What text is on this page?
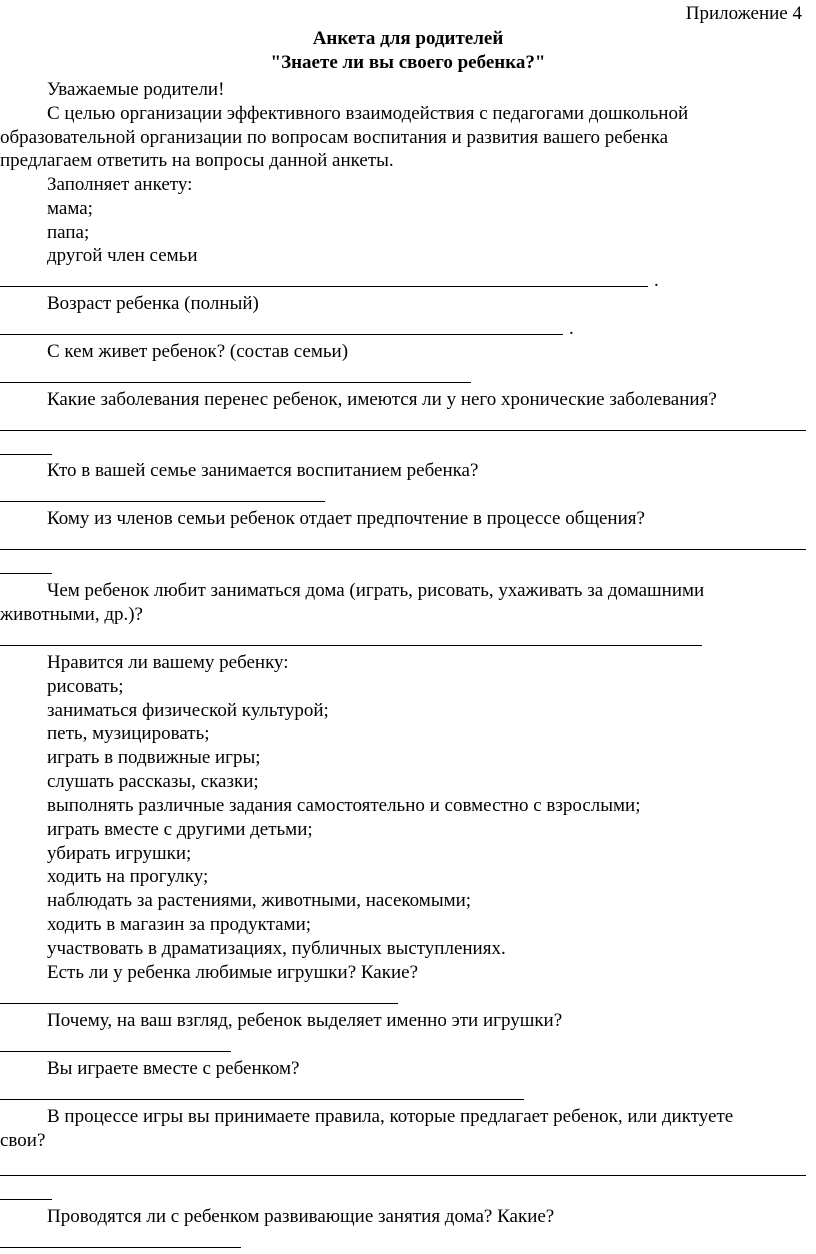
Приложение 4
Анкета для родителей
"Знаете ли вы своего ребенка?"
Уважаемые родители!
С целью организации эффективного взаимодействия с педагогами дошкольной
образовательной организации по вопросам воспитания и развития вашего ребенка
предлагаем ответить на вопросы данной анкеты.
Заполняет анкету:
мама;
папа;
другой член семьи
.
Возраст ребенка (полный)
.
С кем живет ребенок? (состав семьи)
Какие заболевания перенес ребенок, имеются ли у него хронические заболевания?
Кто в вашей семье занимается воспитанием ребенка?
Кому из членов семьи ребенок отдает предпочтение в процессе общения?
Чем ребенок любит заниматься дома (играть, рисовать, ухаживать за домашними
животными, др.)?
Нравится ли вашему ребенку:
рисовать;
заниматься физической культурой;
петь, музицировать;
играть в подвижные игры;
слушать рассказы, сказки;
выполнять различные задания самостоятельно и совместно с взрослыми;
играть вместе с другими детьми;
убирать игрушки;
ходить на прогулку;
наблюдать за растениями, животными, насекомыми;
ходить в магазин за продуктами;
участвовать в драматизациях, публичных выступлениях.
Есть ли у ребенка любимые игрушки? Какие?
Почему, на ваш взгляд, ребенок выделяет именно эти игрушки?
Вы играете вместе с ребенком?
В процессе игры вы принимаете правила, которые предлагает ребенок, или диктуете
свои?
Проводятся ли с ребенком развивающие занятия дома? Какие?
